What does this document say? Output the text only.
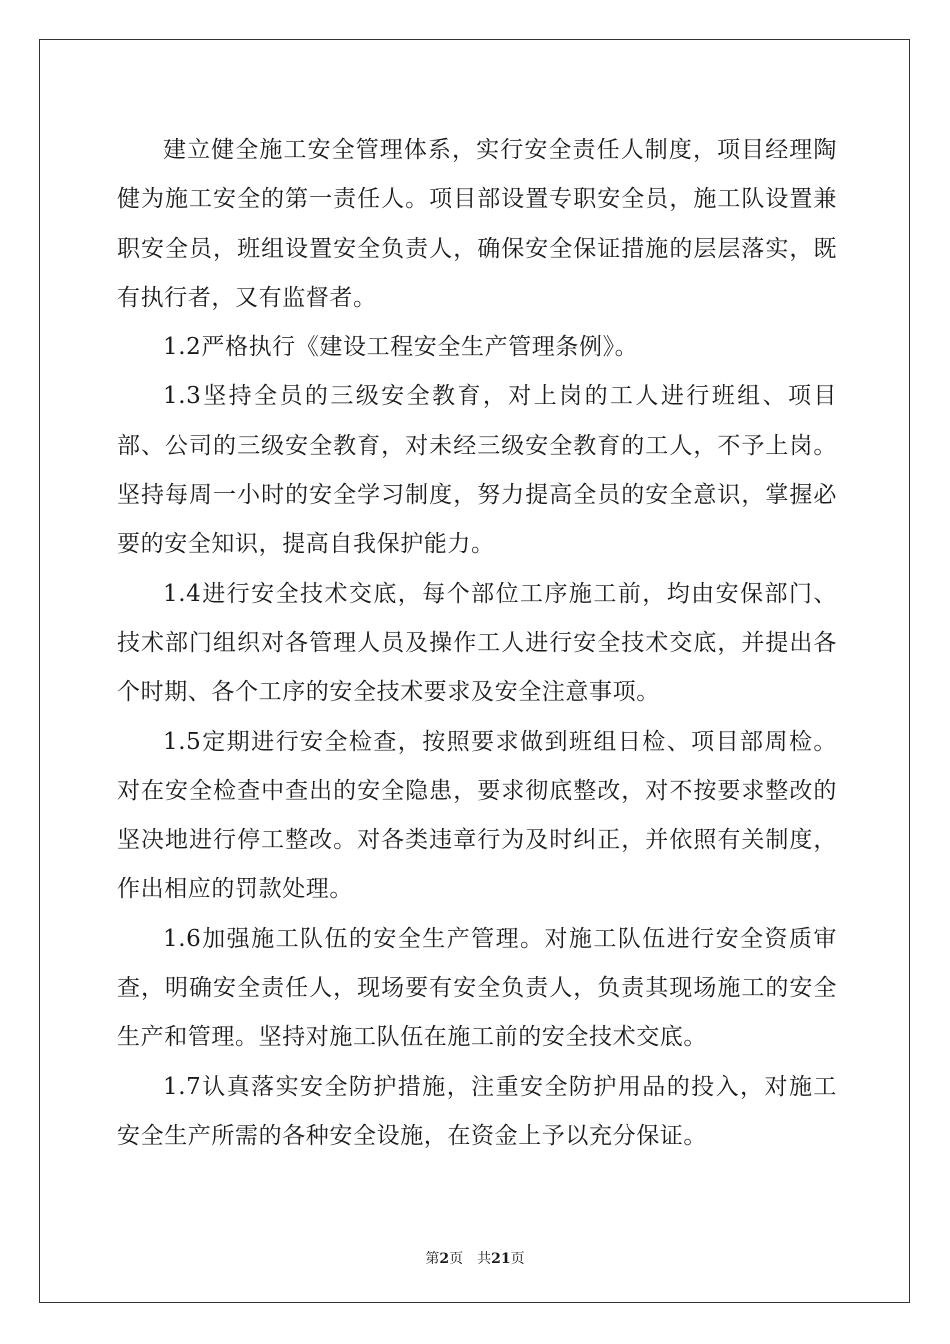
建立健全施工安全管理体系，实行安全责任人制度，项目经理陶健为施工安全的第一责任人。项目部设置专职安全员，施工队设置兼职安全员，班组设置安全负责人，确保安全保证措施的层层落实，既有执行者，又有监督者。

1.2严格执行《建设工程安全生产管理条例》。

1.3坚持全员的三级安全教育，对上岗的工人进行班组、项目部、公司的三级安全教育，对未经三级安全教育的工人，不予上岗。坚持每周一小时的安全学习制度，努力提高全员的安全意识，掌握必要的安全知识，提高自我保护能力。

1.4进行安全技术交底，每个部位工序施工前，均由安保部门、技术部门组织对各管理人员及操作工人进行安全技术交底，并提出各个时期、各个工序的安全技术要求及安全注意事项。

1.5定期进行安全检查，按照要求做到班组日检、项目部周检。对在安全检查中查出的安全隐患，要求彻底整改，对不按要求整改的坚决地进行停工整改。对各类违章行为及时纠正，并依照有关制度，作出相应的罚款处理。

1.6加强施工队伍的安全生产管理。对施工队伍进行安全资质审查，明确安全责任人，现场要有安全负责人，负责其现场施工的安全生产和管理。坚持对施工队伍在施工前的安全技术交底。

1.7认真落实安全防护措施，注重安全防护用品的投入，对施工安全生产所需的各种安全设施，在资金上予以充分保证。

第2页 共21页
